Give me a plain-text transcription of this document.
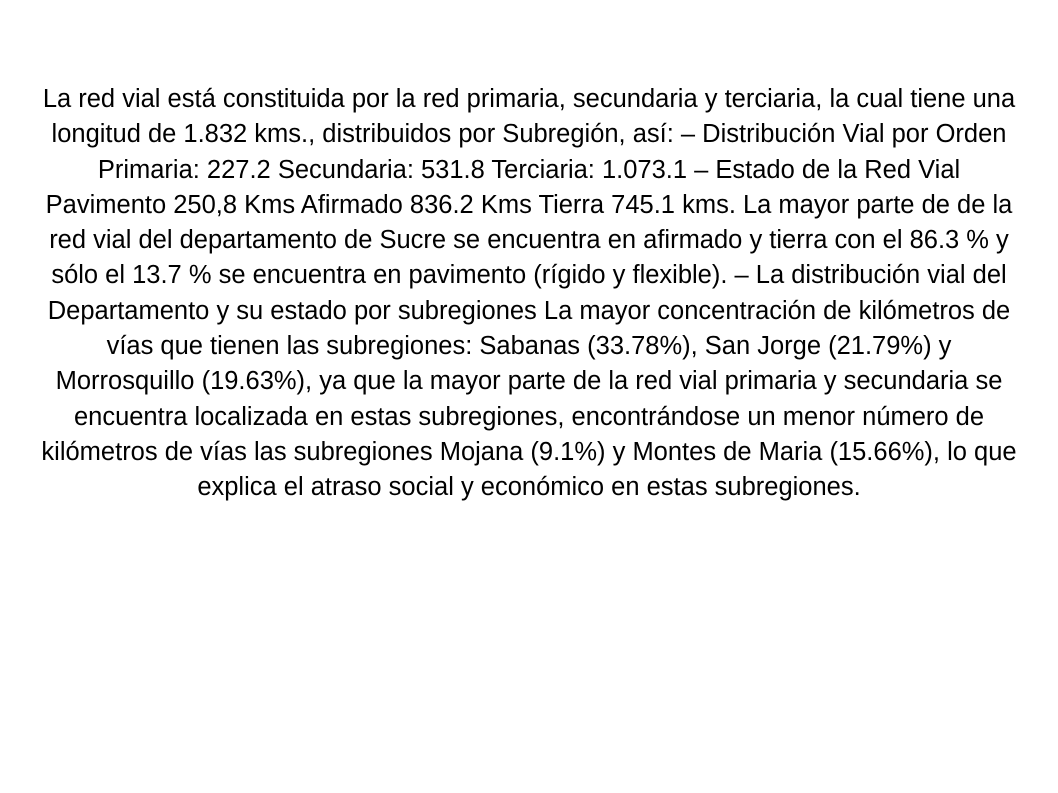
La red vial está constituida por la red primaria, secundaria y terciaria, la cual tiene una longitud de 1.832 kms., distribuidos por Subregión, así: – Distribución Vial por Orden Primaria: 227.2 Secundaria: 531.8 Terciaria: 1.073.1 – Estado de la Red Vial Pavimento 250,8 Kms Afirmado 836.2 Kms Tierra 745.1 kms. La mayor parte de de la red vial del departamento de Sucre se encuentra en afirmado y tierra con el 86.3 % y sólo el 13.7 % se encuentra en pavimento (rígido y flexible). – La distribución vial del Departamento y su estado por subregiones La mayor concentración de kilómetros de vías que tienen las subregiones: Sabanas (33.78%), San Jorge (21.79%) y Morrosquillo (19.63%), ya que la mayor parte de la red vial primaria y secundaria se encuentra localizada en estas subregiones, encontrándose un menor número de kilómetros de vías las subregiones Mojana (9.1%) y Montes de Maria (15.66%), lo que explica el atraso social y económico en estas subregiones.
